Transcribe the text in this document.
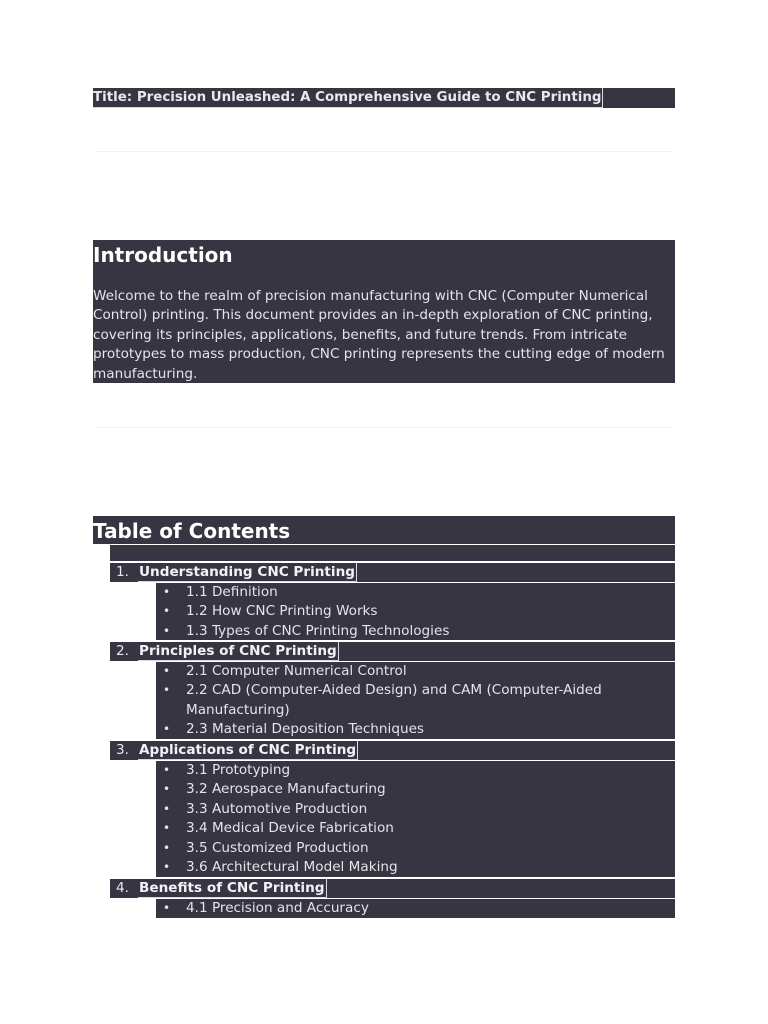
Title: Precision Unleashed: A Comprehensive Guide to CNC Printing
Introduction

Welcome to the realm of precision manufacturing with CNC (Computer Numerical Control) printing. This document provides an in-depth exploration of CNC printing, covering its principles, applications, benefits, and future trends. From intricate prototypes to mass production, CNC printing represents the cutting edge of modern manufacturing.

Table of Contents
1. Understanding CNC Printing
• 1.1 Definition
• 1.2 How CNC Printing Works
• 1.3 Types of CNC Printing Technologies
2. Principles of CNC Printing
• 2.1 Computer Numerical Control
• 2.2 CAD (Computer-Aided Design) and CAM (Computer-Aided Manufacturing)
• 2.3 Material Deposition Techniques
3. Applications of CNC Printing
• 3.1 Prototyping
• 3.2 Aerospace Manufacturing
• 3.3 Automotive Production
• 3.4 Medical Device Fabrication
• 3.5 Customized Production
• 3.6 Architectural Model Making
4. Benefits of CNC Printing
• 4.1 Precision and Accuracy
